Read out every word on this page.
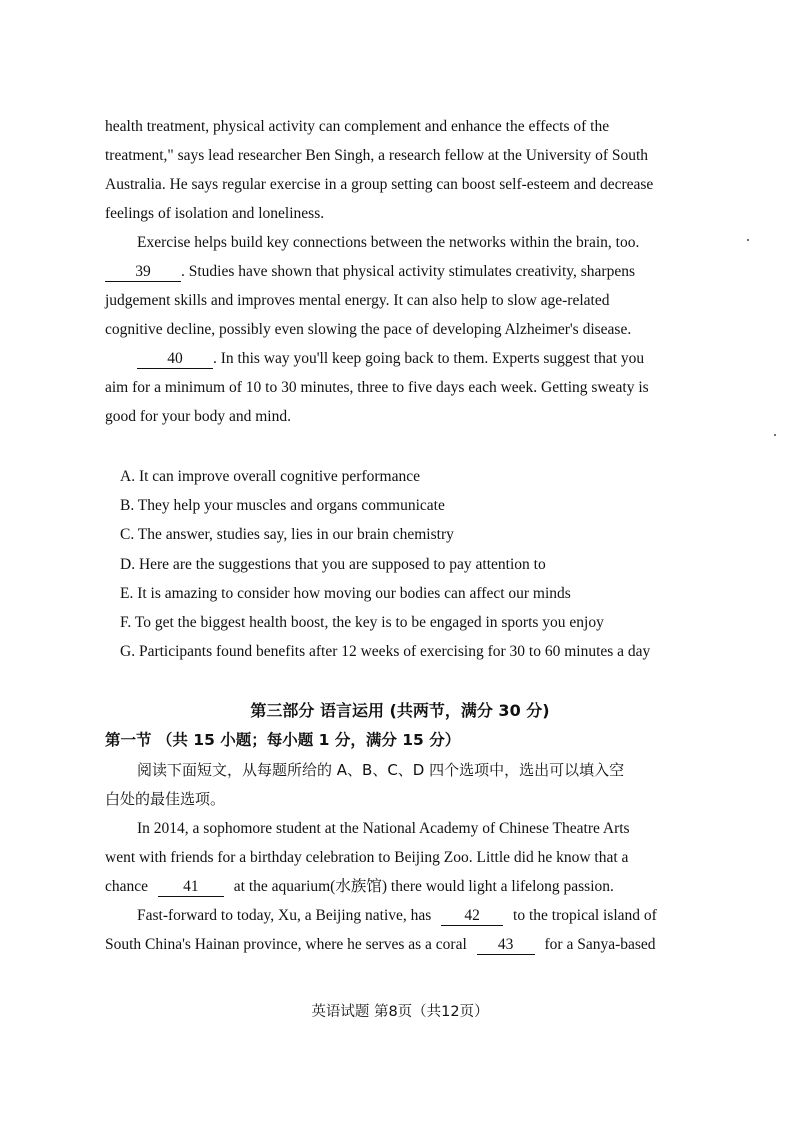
health treatment, physical activity can complement and enhance the effects of the
treatment," says lead researcher Ben Singh, a research fellow at the University of South
Australia. He says regular exercise in a group setting can boost self-esteem and decrease
feelings of isolation and loneliness.
Exercise helps build key connections between the networks within the brain, too.
39 . Studies have shown that physical activity stimulates creativity, sharpens
judgement skills and improves mental energy. It can also help to slow age-related
cognitive decline, possibly even slowing the pace of developing Alzheimer's disease.
40 . In this way you'll keep going back to them. Experts suggest that you
aim for a minimum of 10 to 30 minutes, three to five days each week. Getting sweaty is
good for your body and mind.
A. It can improve overall cognitive performance
B. They help your muscles and organs communicate
C. The answer, studies say, lies in our brain chemistry
D. Here are the suggestions that you are supposed to pay attention to
E. It is amazing to consider how moving our bodies can affect our minds
F. To get the biggest health boost, the key is to be engaged in sports you enjoy
G. Participants found benefits after 12 weeks of exercising for 30 to 60 minutes a day

第三部分 语言运用 (共两节，满分 30 分)

第一节 （共 15 小题；每小题 1 分，满分 15 分）

阅读下面短文，从每题所给的 A、B、C、D 四个选项中，选出可以填入空
白处的最佳选项。
In 2014, a sophomore student at the National Academy of Chinese Theatre Arts
went with friends for a birthday celebration to Beijing Zoo. Little did he know that a
chance 41 at the aquarium(水族馆) there would light a lifelong passion.
Fast-forward to today, Xu, a Beijing native, has 42 to the tropical island of
South China's Hainan province, where he serves as a coral 43 for a Sanya-based

英语试题 第8页（共12页）
